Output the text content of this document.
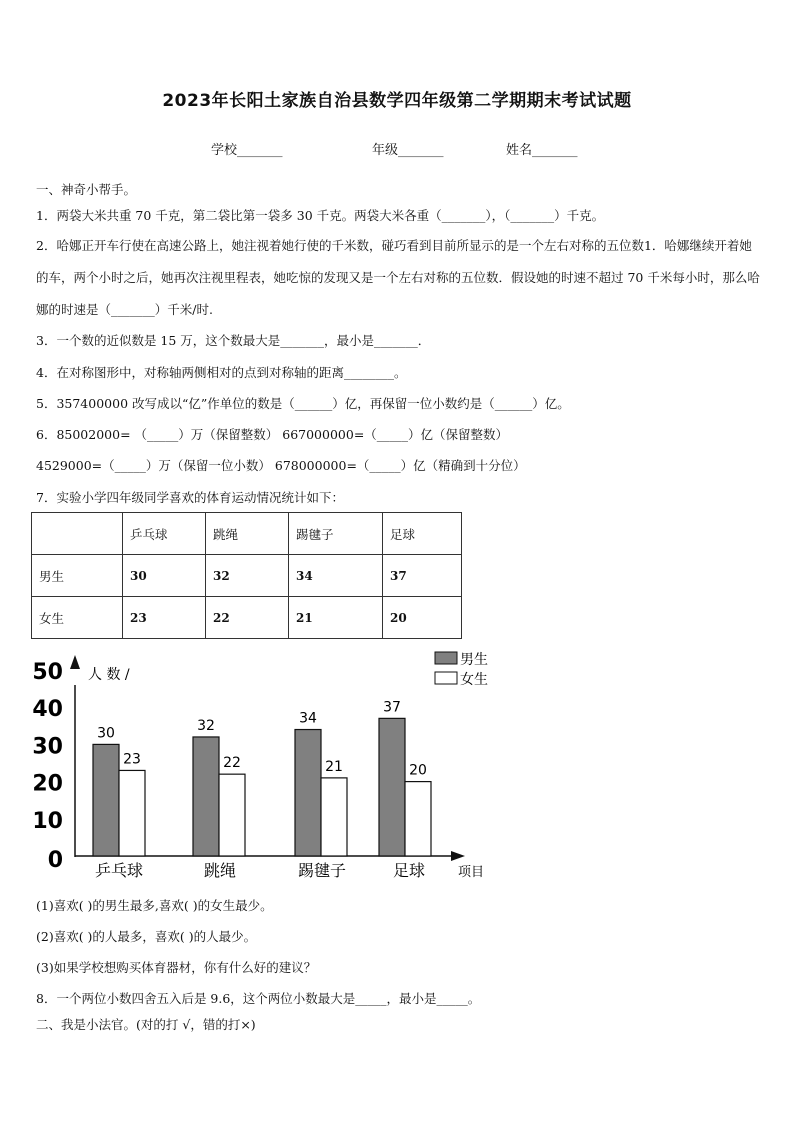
2023年长阳土家族自治县数学四年级第二学期期末考试试题
学校_______	年级_______	姓名_______
一、神奇小帮手。
1．两袋大米共重 70 千克，第二袋比第一袋多 30 千克。两袋大米各重（_______），（_______）千克。
2．哈娜正开车行使在高速公路上，她注视着她行使的千米数，碰巧看到目前所显示的是一个左右对称的五位数1．哈娜继续开着她的车，两个小时之后，她再次注视里程表，她吃惊的发现又是一个左右对称的五位数．假设她的时速不超过 70 千米每小时，那么哈娜的时速是（_______）千米/时.
3．一个数的近似数是 15 万，这个数最大是_______，最小是_______．
4．在对称图形中，对称轴两侧相对的点到对称轴的距离________。
5．357400000 改写成以“亿”作单位的数是（______）亿，再保留一位小数约是（______）亿。
6．85002000= （_____）万（保留整数） 667000000=（_____）亿（保留整数）
4529000=（_____）万（保留一位小数） 678000000=（_____）亿（精确到十分位）
7．实验小学四年级同学喜欢的体育运动情况统计如下：
	乒乓球	跳绳	踢毽子	足球
男生	30	32	34	37
女生	23	22	21	20
0
10
20
30
40
50 人 数 /
30
23
32
22
34
21
37
20
乒乓球	跳绳	踢毽子	足球	项目
男生
女生
(1)喜欢( )的男生最多,喜欢( )的女生最少。
(2)喜欢( )的人最多，喜欢( )的人最少。
(3)如果学校想购买体育器材，你有什么好的建议？
8．一个两位小数四舍五入后是 9.6，这个两位小数最大是_____，最小是_____。
二、我是小法官。(对的打 √，错的打×)
